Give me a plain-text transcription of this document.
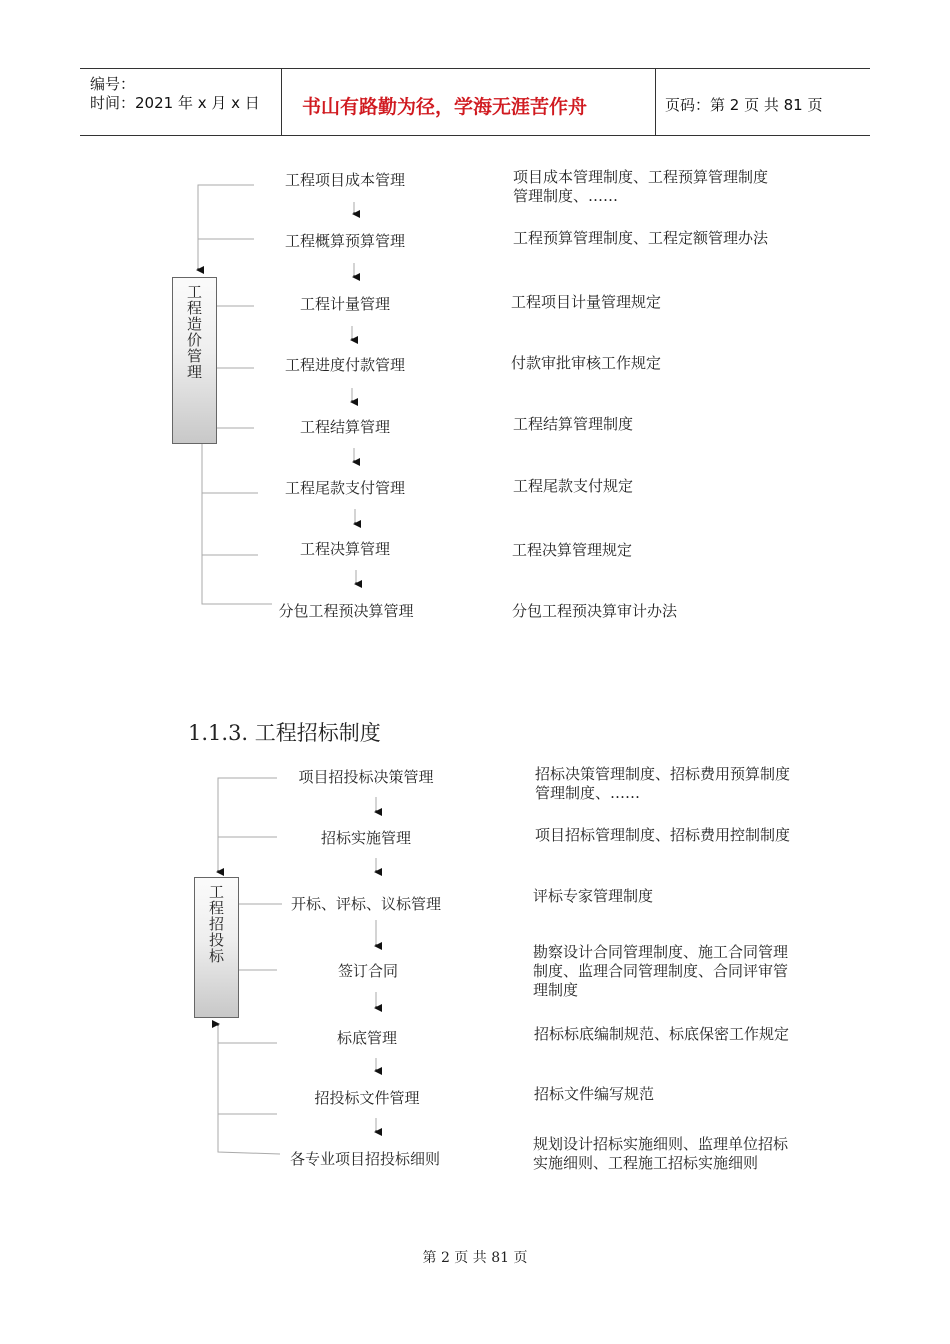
编号：
时间：2021 年 x 月 x 日 书山有路勤为径，学海无涯苦作舟	页码：第 2 页 共 81 页
工程造价管理
工程项目成本管理
工程概算预算管理
工程计量管理
工程进度付款管理
工程结算管理
工程尾款支付管理
工程决算管理
分包工程预决算管理
项目成本管理制度、工程预算管理制度
管理制度、……
工程预算管理制度、工程定额管理办法
工程项目计量管理规定
付款审批审核工作规定
工程结算管理制度
工程尾款支付规定
工程决算管理规定
分包工程预决算审计办法
1.1.3. 工程招标制度
工程招投标
项目招投标决策管理
招标实施管理
开标、评标、议标管理
签订合同
标底管理
招投标文件管理
各专业项目招投标细则
招标决策管理制度、招标费用预算制度
管理制度、……
项目招标管理制度、招标费用控制制度
评标专家管理制度
勘察设计合同管理制度、施工合同管理
制度、监理合同管理制度、合同评审管
理制度
招标标底编制规范、标底保密工作规定
招标文件编写规范
规划设计招标实施细则、监理单位招标
实施细则、工程施工招标实施细则
第 2 页 共 81 页
